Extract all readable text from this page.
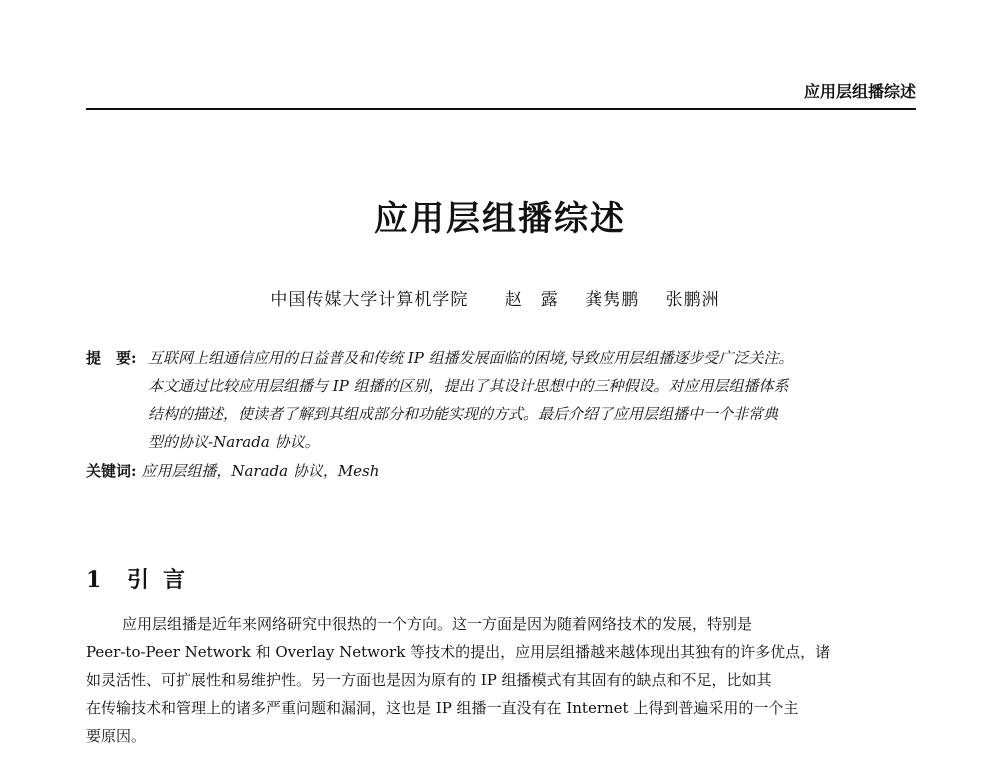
应用层组播综述
应用层组播综述
中国传媒大学计算机学院 赵　露 龚隽鹏 张鹏洲
提　要: 互联网上组通信应用的日益普及和传统 IP 组播发展面临的困境,导致应用层组播逐步受广泛关注。
本文通过比较应用层组播与 IP 组播的区别，提出了其设计思想中的三种假设。对应用层组播体系
结构的描述，使读者了解到其组成部分和功能实现的方式。最后介绍了应用层组播中一个非常典
型的协议-Narada 协议。
关键词: 应用层组播，Narada 协议，Mesh
1 引言
应用层组播是近年来网络研究中很热的一个方向。这一方面是因为随着网络技术的发展，特别是
Peer-to-Peer Network 和 Overlay Network 等技术的提出，应用层组播越来越体现出其独有的许多优点，诸
如灵活性、可扩展性和易维护性。另一方面也是因为原有的 IP 组播模式有其固有的缺点和不足，比如其
在传输技术和管理上的诸多严重问题和漏洞，这也是 IP 组播一直没有在 Internet 上得到普遍采用的一个主
要原因。
